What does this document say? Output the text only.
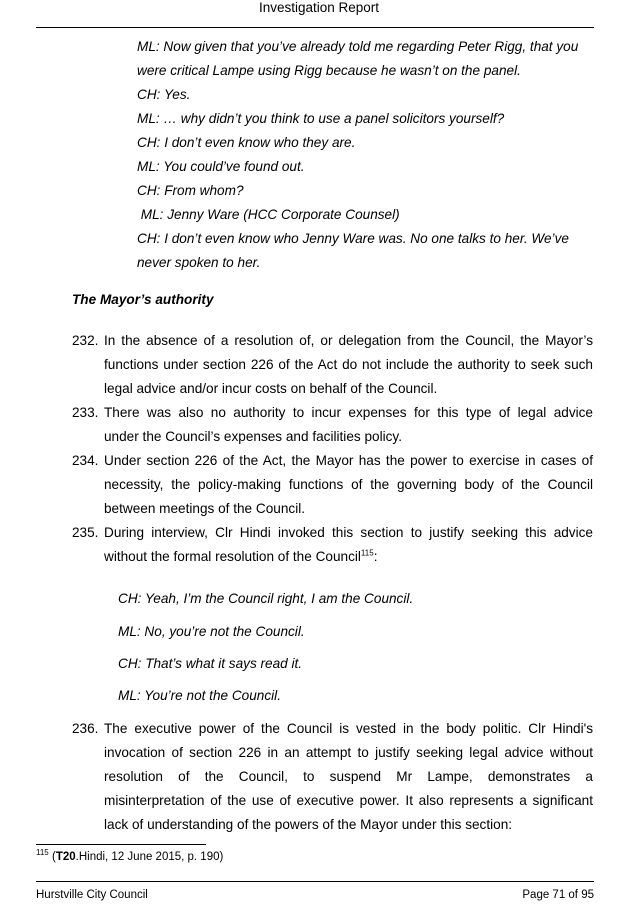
Investigation Report
ML: Now given that you’ve already told me regarding Peter Rigg, that you
were critical Lampe using Rigg because he wasn’t on the panel.
CH: Yes.
ML: … why didn’t you think to use a panel solicitors yourself?
CH: I don’t even know who they are.
ML: You could’ve found out.
CH: From whom?
ML: Jenny Ware (HCC Corporate Counsel)
CH: I don’t even know who Jenny Ware was. No one talks to her. We’ve
never spoken to her.
The Mayor’s authority
232. In the absence of a resolution of, or delegation from the Council, the Mayor’s
functions under section 226 of the Act do not include the authority to seek such
legal advice and/or incur costs on behalf of the Council.
233. There was also no authority to incur expenses for this type of legal advice
under the Council’s expenses and facilities policy.
234. Under section 226 of the Act, the Mayor has the power to exercise in cases of
necessity, the policy-making functions of the governing body of the Council
between meetings of the Council.
235. During interview, Clr Hindi invoked this section to justify seeking this advice
without the formal resolution of the Council$^{115}$:
CH: Yeah, I’m the Council right, I am the Council.
ML: No, you’re not the Council.
CH: That’s what it says read it.
ML: You’re not the Council.
236. The executive power of the Council is vested in the body politic. Clr Hindi's
invocation of section 226 in an attempt to justify seeking legal advice without
resolution of the Council, to suspend Mr Lampe, demonstrates a
misinterpretation of the use of executive power. It also represents a significant
lack of understanding of the powers of the Mayor under this section:
$^{115}$ (T20.Hindi, 12 June 2015, p. 190)
Hurstville City Council	Page 71 of 95
